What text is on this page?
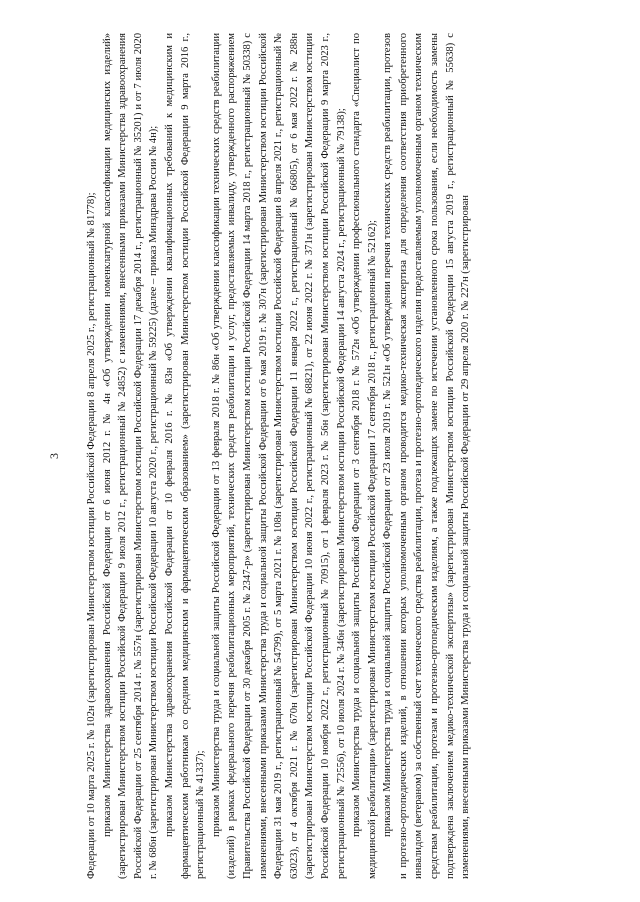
3 Федерации от 10 марта 2025 г. № 102н (зарегистрирован Министерством юстиции Российской Федерации 8 апреля 2025 г., регистрационный № 81778); приказом Министерства здравоохранения Российской Федерации от 6 июня 2012 г. № 4н «Об утверждении номенклатурной классификации медицинских изделий» (зарегистрирован Министерством юстиции Российской Федерации 9 июля 2012 г., регистрационный № 24852) с изменениями, внесенными приказами Министерства здравоохранения Российской Федерации от 25 сентября 2014 г. № 557н (зарегистрирован Министерством юстиции Российской Федерации 17 декабря 2014 г., регистрационный № 35201) и от 7 июля 2020 г. № 686н (зарегистрирован Министерством юстиции Российской Федерации 10 августа 2020 г., регистрационный № 59225) (далее – приказ Минздрава России № 4н); приказом Министерства здравоохранения Российской Федерации от 10 февраля 2016 г. № 83н «Об утверждении квалификационных требований к медицинским и фармацевтическим работникам со средним медицинским и фармацевтическим образованием» (зарегистрирован Министерством юстиции Российской Федерации 9 марта 2016 г., регистрационный № 41337); приказом Министерства труда и социальной защиты Российской Федерации от 13 февраля 2018 г. № 86н «Об утверждении классификации технических средств реабилитации (изделий) в рамках федерального перечня реабилитационных мероприятий, технических средств реабилитации и услуг, предоставляемых инвалиду, утвержденного распоряжением Правительства Российской Федерации от 30 декабря 2005 г. № 2347-р» (зарегистрирован Министерством юстиции Российской Федерации 14 марта 2018 г., регистрационный № 50338) с изменениями, внесенными приказами Министерства труда и социальной защиты Российской Федерации от 6 мая 2019 г. № 307н (зарегистрирован Министерством юстиции Российской Федерации 31 мая 2019 г., регистрационный № 54799), от 5 марта 2021 г. № 108н (зарегистрирован Министерством юстиции Российской Федерации 8 апреля 2021 г., регистрационный № 63023), от 4 октября 2021 г. № 670н (зарегистрирован Министерством юстиции Российской Федерации 11 января 2022 г., регистрационный № 66805), от 6 мая 2022 г. № 288н (зарегистрирован Министерством юстиции Российской Федерации 10 июня 2022 г., регистрационный № 68821), от 22 июня 2022 г. № 371н (зарегистрирован Министерством юстиции Российской Федерации 10 ноября 2022 г., регистрационный № 70915), от 1 февраля 2023 г. № 56н (зарегистрирован Министерством юстиции Российской Федерации 9 марта 2023 г., регистрационный № 72556), от 10 июля 2024 г. № 346н (зарегистрирован Министерством юстиции Российской Федерации 14 августа 2024 г., регистрационный № 79138); приказом Министерства труда и социальной защиты Российской Федерации от 3 сентября 2018 г. № 572н «Об утверждении профессионального стандарта «Специалист по медицинской реабилитации» (зарегистрирован Министерством юстиции Российской Федерации 17 сентября 2018 г., регистрационный № 52162); приказом Министерства труда и социальной защиты Российской Федерации от 23 июля 2019 г. № 521н «Об утверждении перечня технических средств реабилитации, протезов и протезно-ортопедических изделий, в отношении которых уполномоченным органом проводится медико-техническая экспертиза для определения соответствия приобретенного инвалидом (ветераном) за собственный счет технического средства реабилитации, протеза и протезно-ортопедического изделия предоставляемым уполномоченным органом техническим средствам реабилитации, протезам и протезно-ортопедическим изделиям, а также подлежащих замене по истечении установленного срока пользования, если необходимость замены подтверждена заключением медико-технической экспертизы» (зарегистрирован Министерством юстиции Российской Федерации 15 августа 2019 г., регистрационный № 55638) с изменениями, внесенными приказами Министерства труда и социальной защиты Российской Федерации от 29 апреля 2020 г. № 227н (зарегистрирован
